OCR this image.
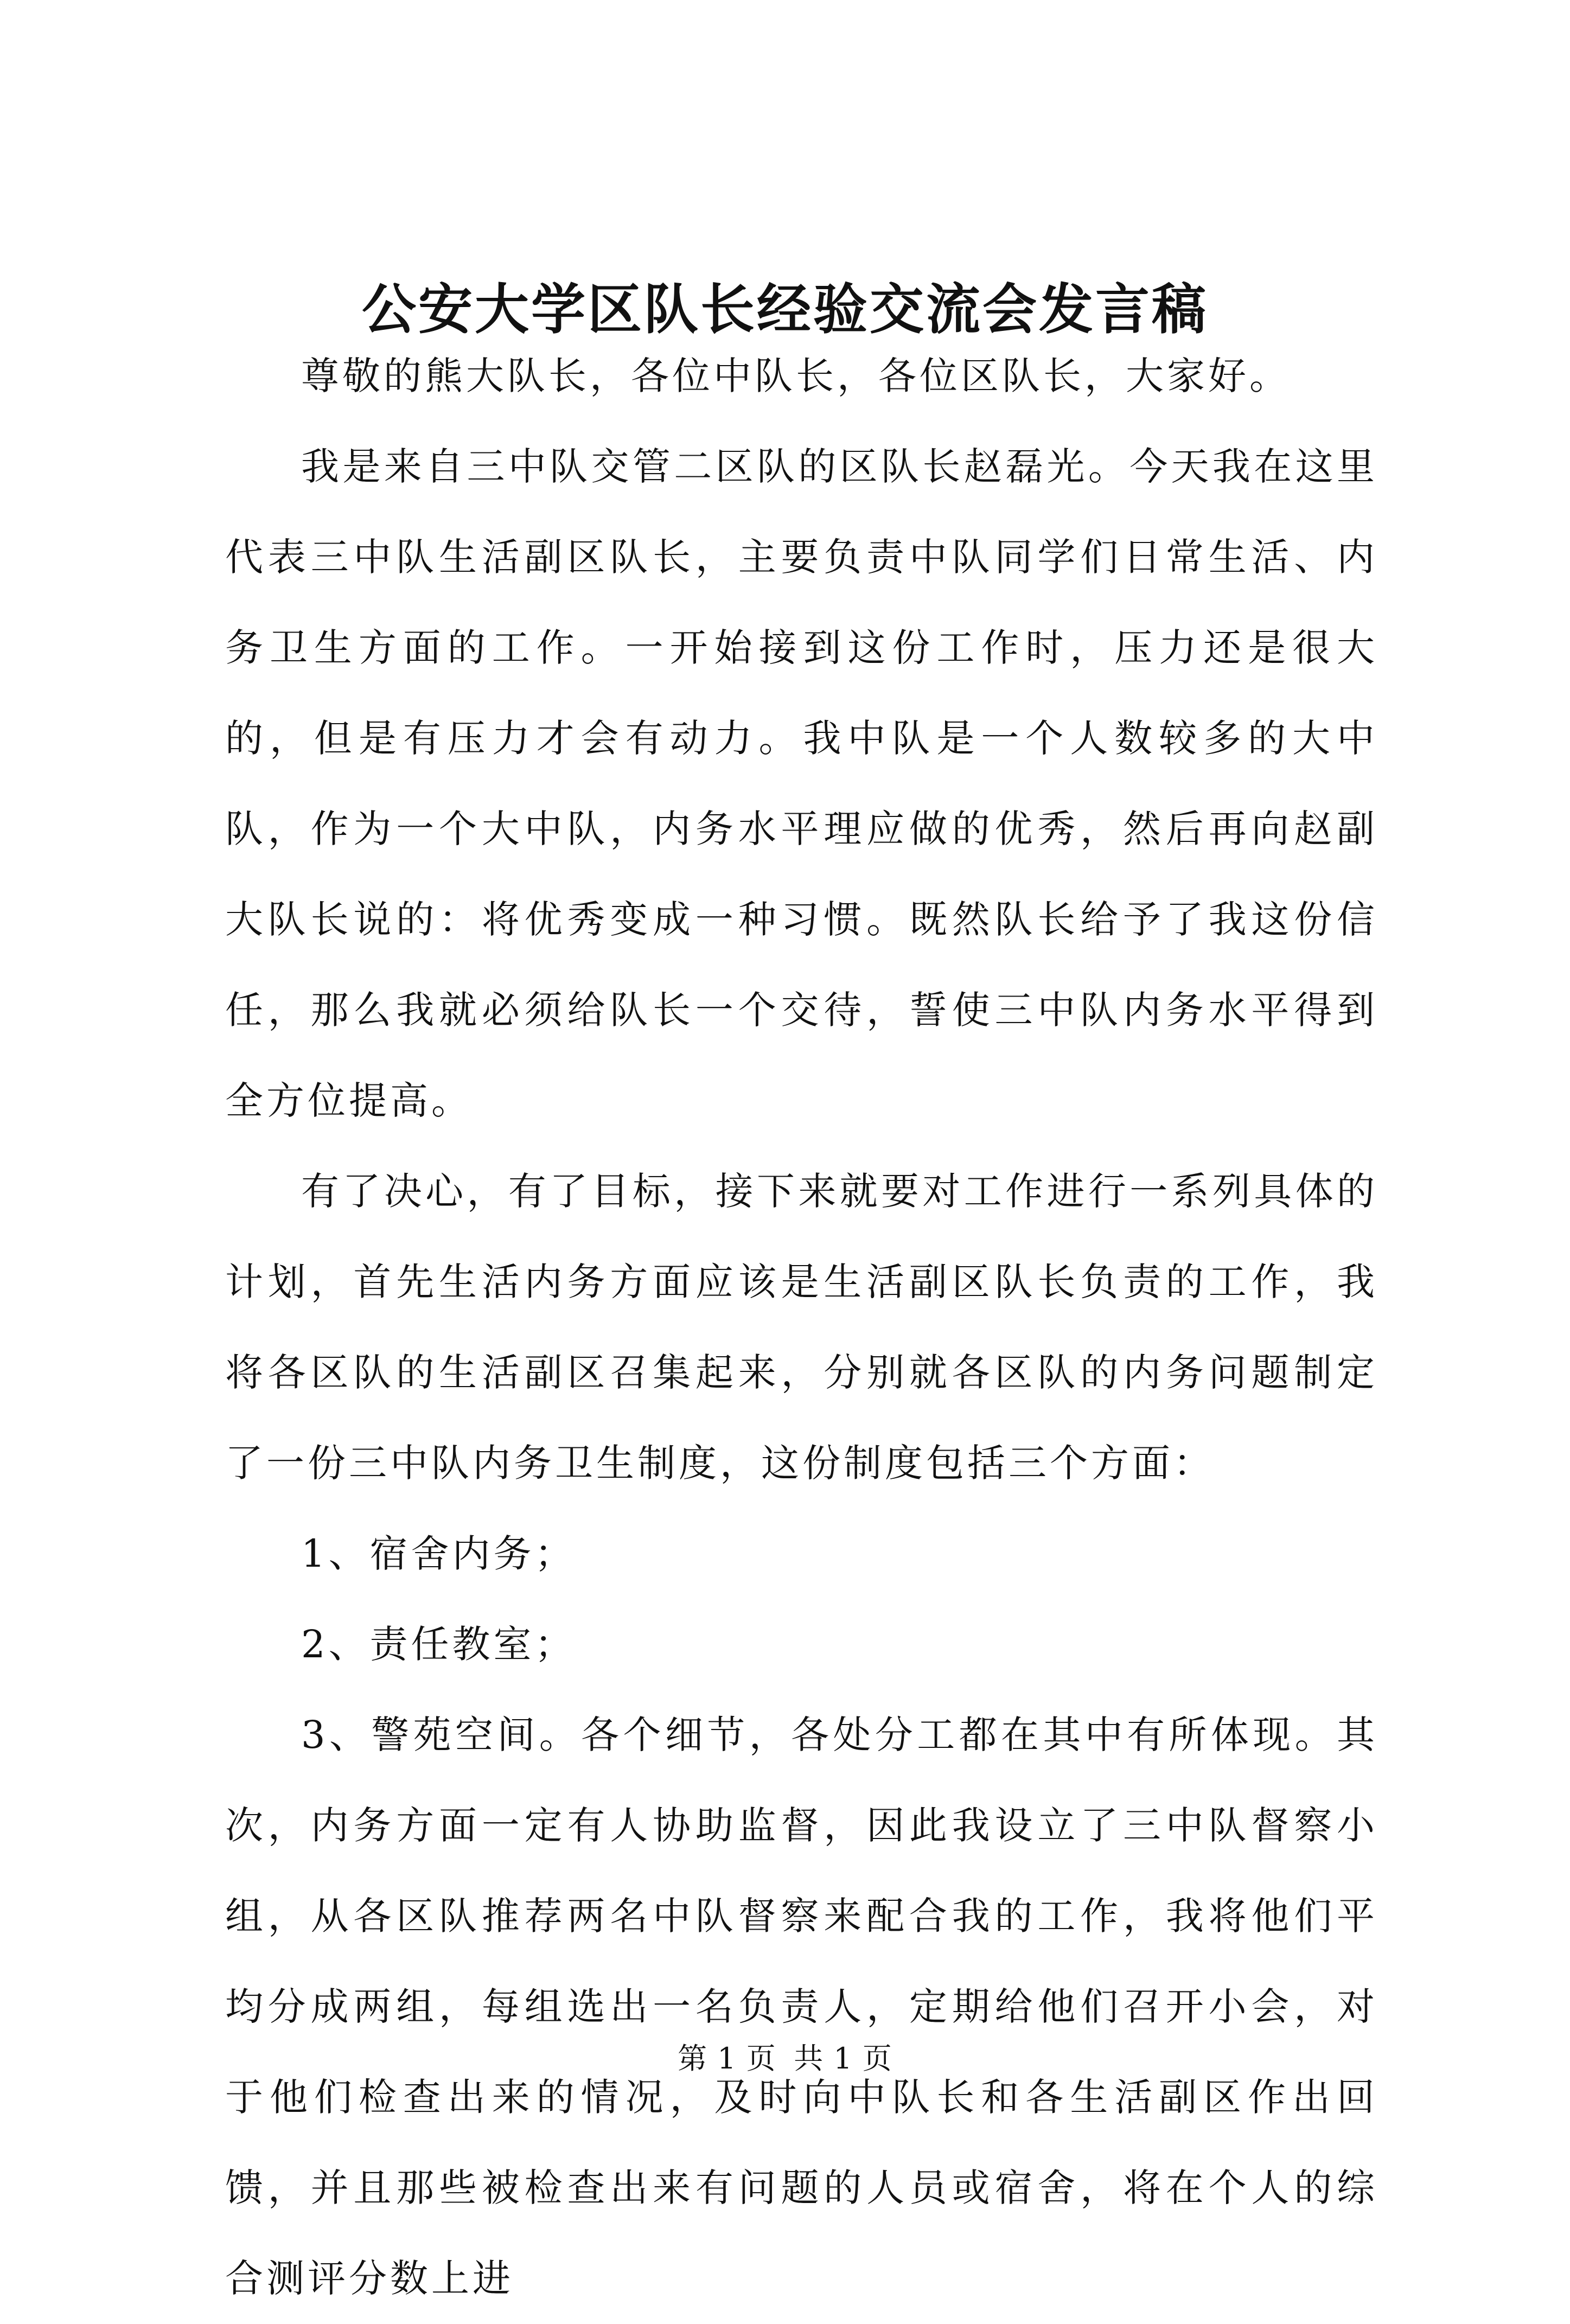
公安大学区队长经验交流会发言稿

尊敬的熊大队长，各位中队长，各位区队长，大家好。

我是来自三中队交管二区队的区队长赵磊光。今天我在这里代表三中队生活副区队长，主要负责中队同学们日常生活、内务卫生方面的工作。一开始接到这份工作时，压力还是很大的，但是有压力才会有动力。我中队是一个人数较多的大中队，作为一个大中队，内务水平理应做的优秀，然后再向赵副大队长说的：将优秀变成一种习惯。既然队长给予了我这份信任，那么我就必须给队长一个交待，誓使三中队内务水平得到全方位提高。

有了决心，有了目标，接下来就要对工作进行一系列具体的计划，首先生活内务方面应该是生活副区队长负责的工作，我将各区队的生活副区召集起来，分别就各区队的内务问题制定了一份三中队内务卫生制度，这份制度包括三个方面：

1、宿舍内务；

2、责任教室；

3、警苑空间。各个细节，各处分工都在其中有所体现。其次，内务方面一定有人协助监督，因此我设立了三中队督察小组，从各区队推荐两名中队督察来配合我的工作，我将他们平均分成两组，每组选出一名负责人，定期给他们召开小会，对于他们检查出来的情况，及时向中队长和各生活副区作出回馈，并且那些被检查出来有问题的人员或宿舍，将在个人的综合测评分数上进

第 1 页 共 1 页
